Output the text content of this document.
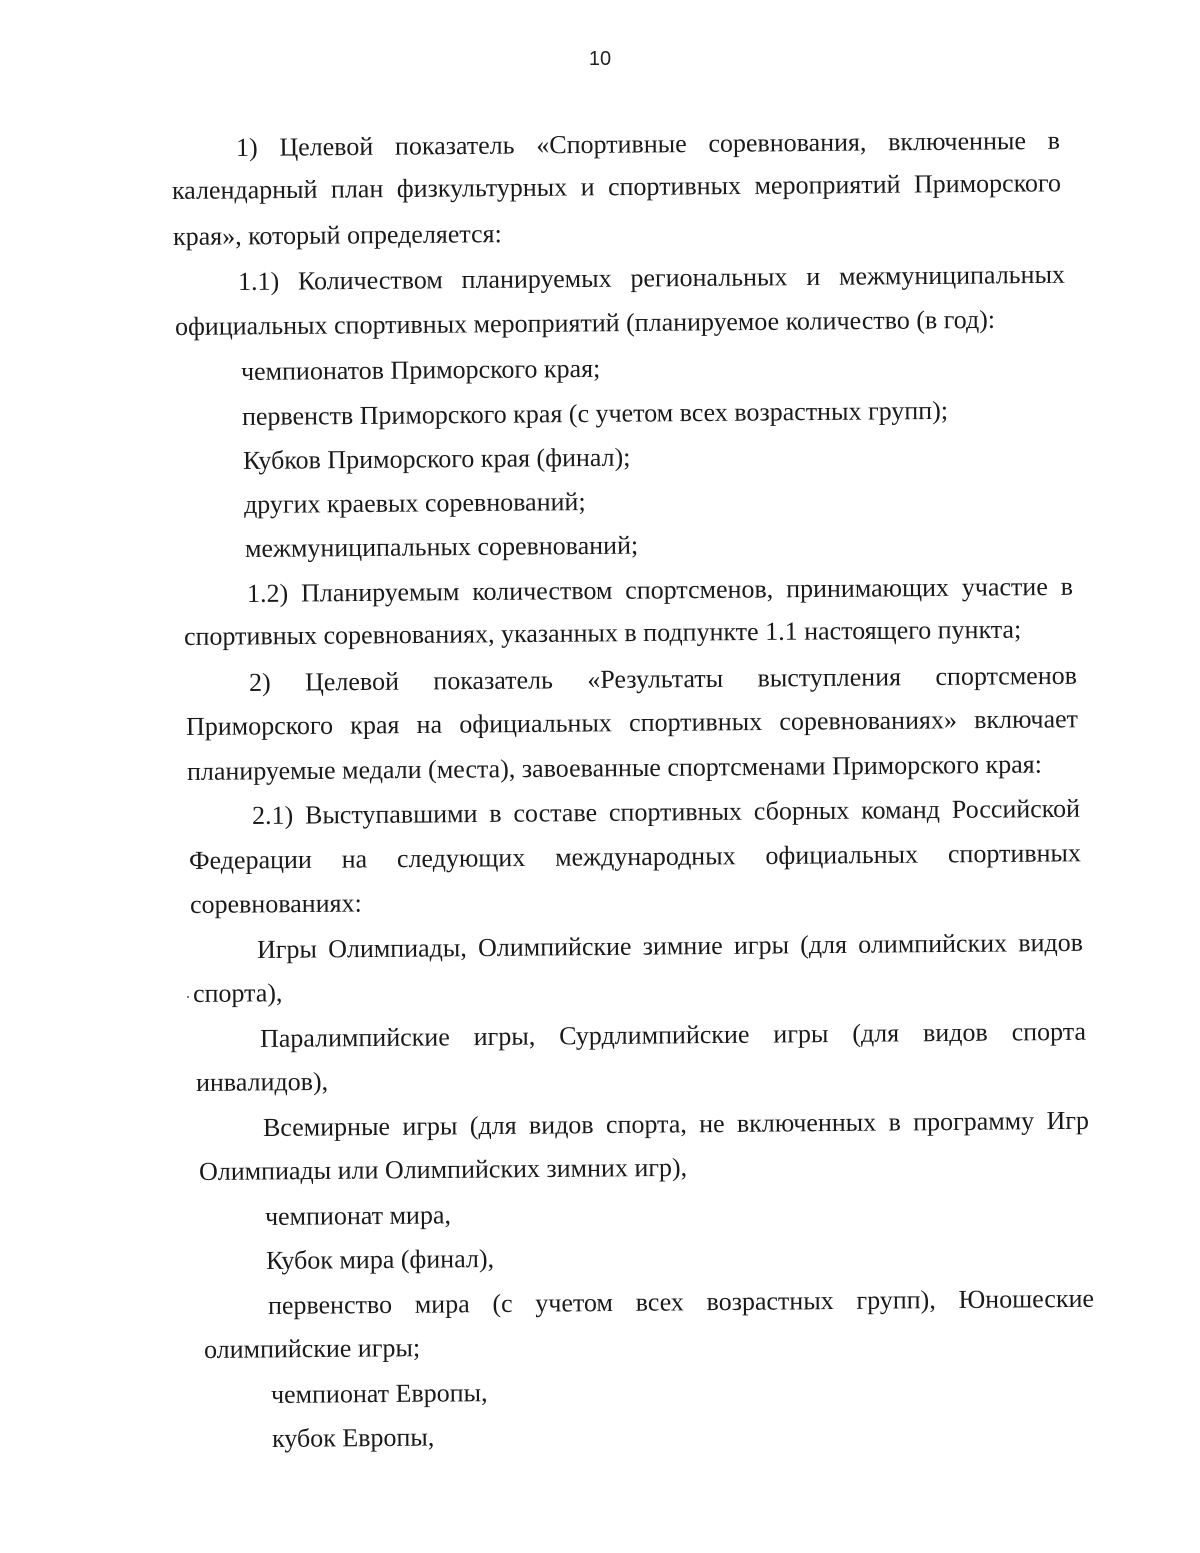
10
1) Целевой показатель «Спортивные соревнования, включенные в
календарный план физкультурных и спортивных мероприятий Приморского
края», который определяется:
1.1) Количеством планируемых региональных и межмуниципальных
официальных спортивных мероприятий (планируемое количество (в год):
чемпионатов Приморского края;
первенств Приморского края (с учетом всех возрастных групп);
Кубков Приморского края (финал);
других краевых соревнований;
межмуниципальных соревнований;
1.2) Планируемым количеством спортсменов, принимающих участие в
спортивных соревнованиях, указанных в подпункте 1.1 настоящего пункта;
2) Целевой показатель «Результаты выступления спортсменов
Приморского края на официальных спортивных соревнованиях» включает
планируемые медали (места), завоеванные спортсменами Приморского края:
2.1) Выступавшими в составе спортивных сборных команд Российской
Федерации на следующих международных официальных спортивных
соревнованиях:
Игры Олимпиады, Олимпийские зимние игры (для олимпийских видов
спорта),
Паралимпийские игры, Сурдлимпийские игры (для видов спорта
инвалидов),
Всемирные игры (для видов спорта, не включенных в программу Игр
Олимпиады или Олимпийских зимних игр),
чемпионат мира,
Кубок мира (финал),
первенство мира (с учетом всех возрастных групп), Юношеские
олимпийские игры;
чемпионат Европы,
кубок Европы,
